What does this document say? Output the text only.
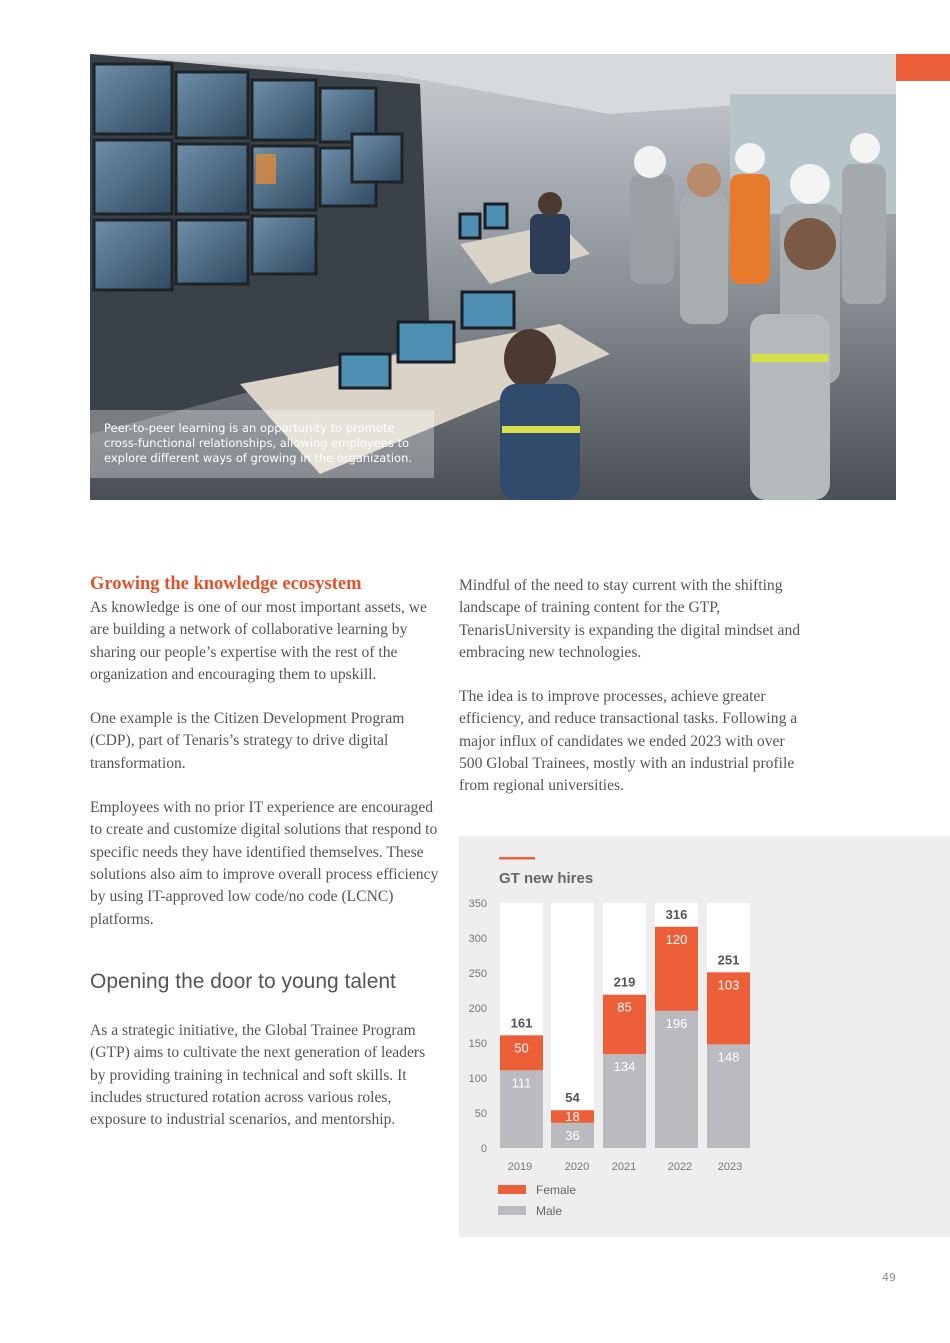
Peer-to-peer learning is an opportunity to promote cross-functional relationships, allowing employees to explore different ways of growing in the organization.

Growing the knowledge ecosystem

As knowledge is one of our most important assets, we are building a network of collaborative learning by sharing our people’s expertise with the rest of the organization and encouraging them to upskill.

One example is the Citizen Development Program (CDP), part of Tenaris’s strategy to drive digital transformation.

Employees with no prior IT experience are encouraged to create and customize digital solutions that respond to specific needs they have identified themselves. These solutions also aim to improve overall process efficiency by using IT-approved low code/no code (LCNC) platforms.

Opening the door to young talent

As a strategic initiative, the Global Trainee Program (GTP) aims to cultivate the next generation of leaders by providing training in technical and soft skills. It includes structured rotation across various roles, exposure to industrial scenarios, and mentorship.

Mindful of the need to stay current with the shifting landscape of training content for the GTP, TenarisUniversity is expanding the digital mindset and embracing new technologies.

The idea is to improve processes, achieve greater efficiency, and reduce transactional tasks. Following a major influx of candidates we ended 2023 with over 500 Global Trainees, mostly with an industrial profile from regional universities.

GT new hires
0
50
100
150
200
250
300
350
111
50
161
2019
36
18
54
2020
134
85
219
2021
196
120
316
2022
148
103
251
2023
Female
Male
49
